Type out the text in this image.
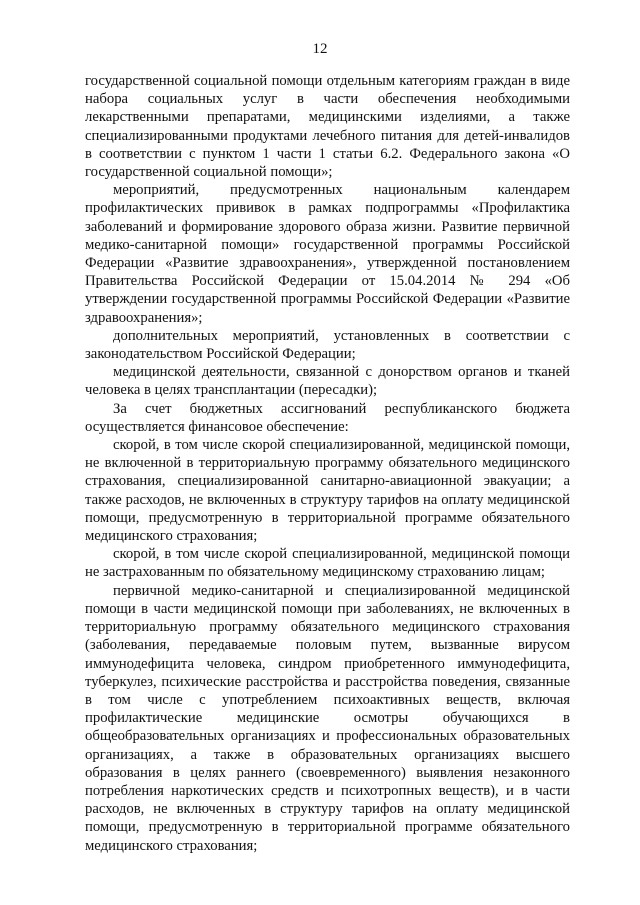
12

государственной социальной помощи отдельным категориям граждан в виде набора социальных услуг в части обеспечения необходимыми лекарственными препаратами, медицинскими изделиями, а также специализированными продуктами лечебного питания для детей-инвалидов в соответствии с пунктом 1 части 1 статьи 6.2. Федерального закона «О государственной социальной помощи»;

мероприятий, предусмотренных национальным календарем профилактических прививок в рамках подпрограммы «Профилактика заболеваний и формирование здорового образа жизни. Развитие первичной медико-санитарной помощи» государственной программы Российской Федерации «Развитие здравоохранения», утвержденной постановлением Правительства Российской Федерации от 15.04.2014 № 294 «Об утверждении государственной программы Российской Федерации «Развитие здравоохранения»;

дополнительных мероприятий, установленных в соответствии с законодательством Российской Федерации;

медицинской деятельности, связанной с донорством органов и тканей человека в целях трансплантации (пересадки);

За счет бюджетных ассигнований республиканского бюджета осуществляется финансовое обеспечение:

скорой, в том числе скорой специализированной, медицинской помощи, не включенной в территориальную программу обязательного медицинского страхования, специализированной санитарно-авиационной эвакуации; а также расходов, не включенных в структуру тарифов на оплату медицинской помощи, предусмотренную в территориальной программе обязательного медицинского страхования;

скорой, в том числе скорой специализированной, медицинской помощи не застрахованным по обязательному медицинскому страхованию лицам;

первичной медико-санитарной и специализированной медицинской помощи в части медицинской помощи при заболеваниях, не включенных в территориальную программу обязательного медицинского страхования (заболевания, передаваемые половым путем, вызванные вирусом иммунодефицита человека, синдром приобретенного иммунодефицита, туберкулез, психические расстройства и расстройства поведения, связанные в том числе с употреблением психоактивных веществ, включая профилактические медицинские осмотры обучающихся в общеобразовательных организациях и профессиональных образовательных организациях, а также в образовательных организациях высшего образования в целях раннего (своевременного) выявления незаконного потребления наркотических средств и психотропных веществ), и в части расходов, не включенных в структуру тарифов на оплату медицинской помощи, предусмотренную в территориальной программе обязательного медицинского страхования;
